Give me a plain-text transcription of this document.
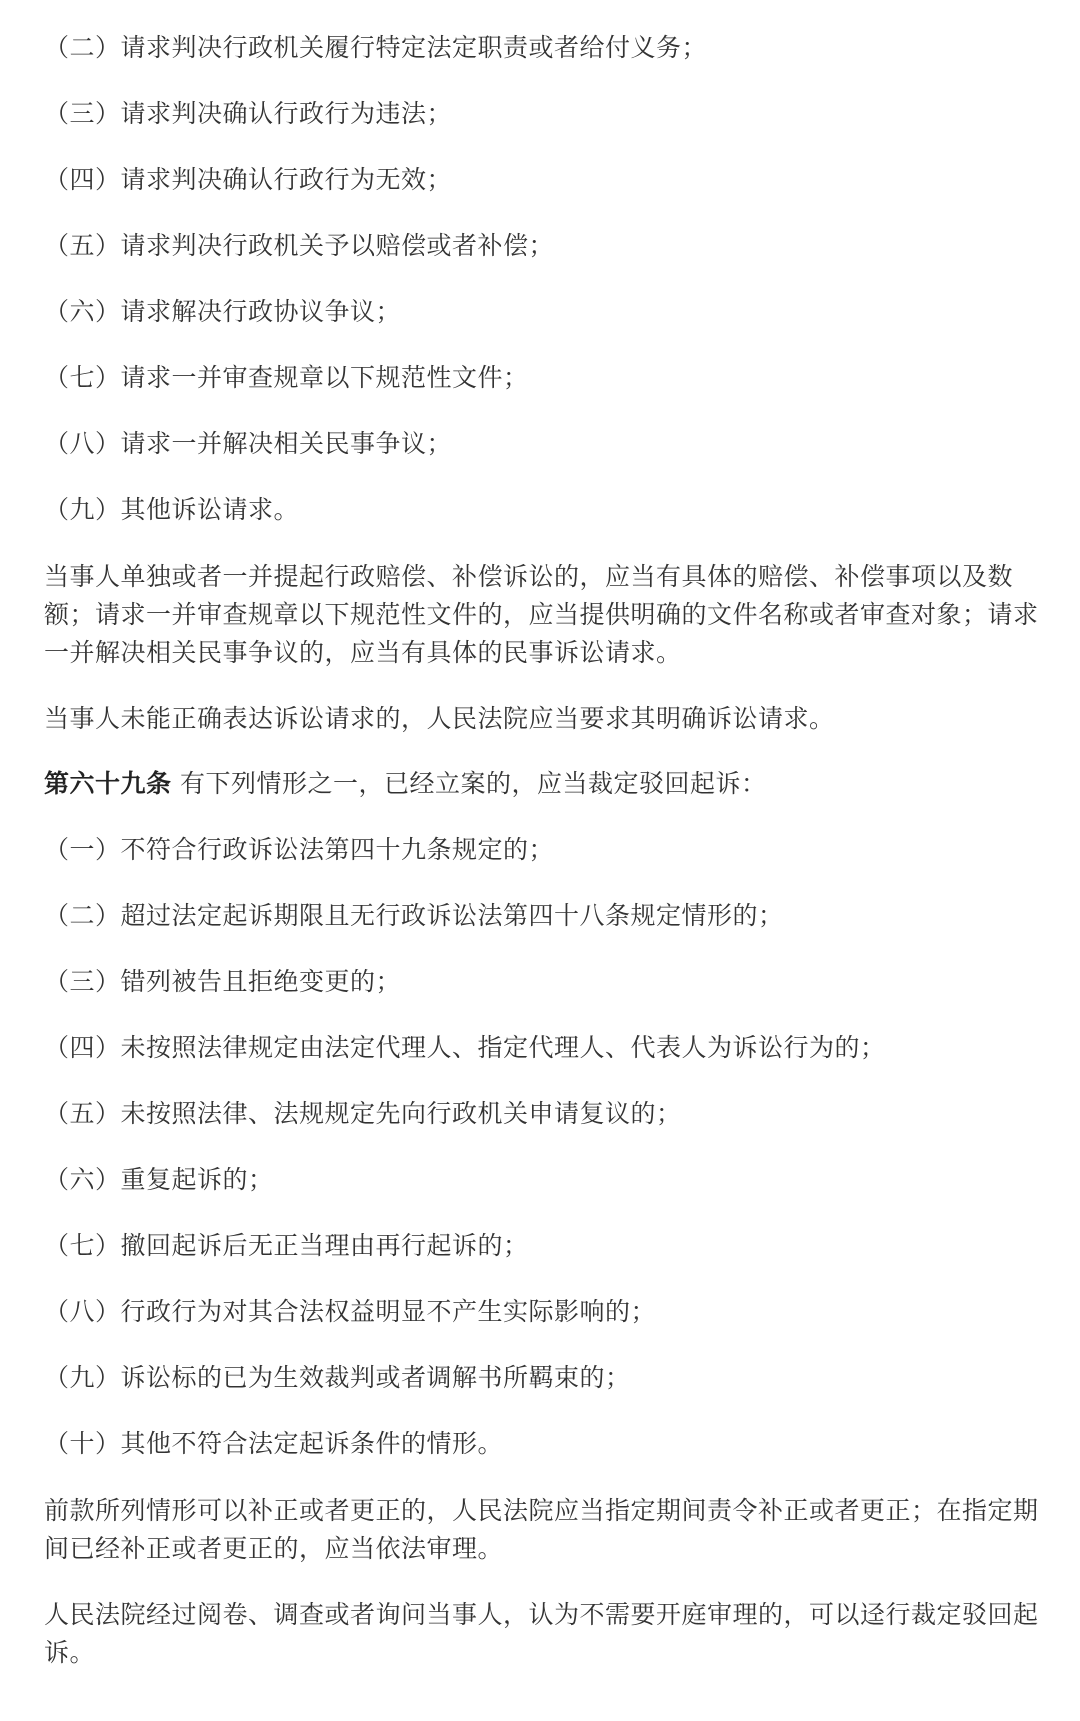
（二）请求判决行政机关履行特定法定职责或者给付义务；
（三）请求判决确认行政行为违法；
（四）请求判决确认行政行为无效；
（五）请求判决行政机关予以赔偿或者补偿；
（六）请求解决行政协议争议；
（七）请求一并审查规章以下规范性文件；
（八）请求一并解决相关民事争议；
（九）其他诉讼请求。
当事人单独或者一并提起行政赔偿、补偿诉讼的，应当有具体的赔偿、补偿事项以及数额；请求一并审查规章以下规范性文件的，应当提供明确的文件名称或者审查对象；请求一并解决相关民事争议的，应当有具体的民事诉讼请求。
当事人未能正确表达诉讼请求的，人民法院应当要求其明确诉讼请求。
第六十九条 有下列情形之一，已经立案的，应当裁定驳回起诉：
（一）不符合行政诉讼法第四十九条规定的；
（二）超过法定起诉期限且无行政诉讼法第四十八条规定情形的；
（三）错列被告且拒绝变更的；
（四）未按照法律规定由法定代理人、指定代理人、代表人为诉讼行为的；
（五）未按照法律、法规规定先向行政机关申请复议的；
（六）重复起诉的；
（七）撤回起诉后无正当理由再行起诉的；
（八）行政行为对其合法权益明显不产生实际影响的；
（九）诉讼标的已为生效裁判或者调解书所羁束的；
（十）其他不符合法定起诉条件的情形。
前款所列情形可以补正或者更正的，人民法院应当指定期间责令补正或者更正；在指定期间已经补正或者更正的，应当依法审理。
人民法院经过阅卷、调查或者询问当事人，认为不需要开庭审理的，可以迳行裁定驳回起诉。
